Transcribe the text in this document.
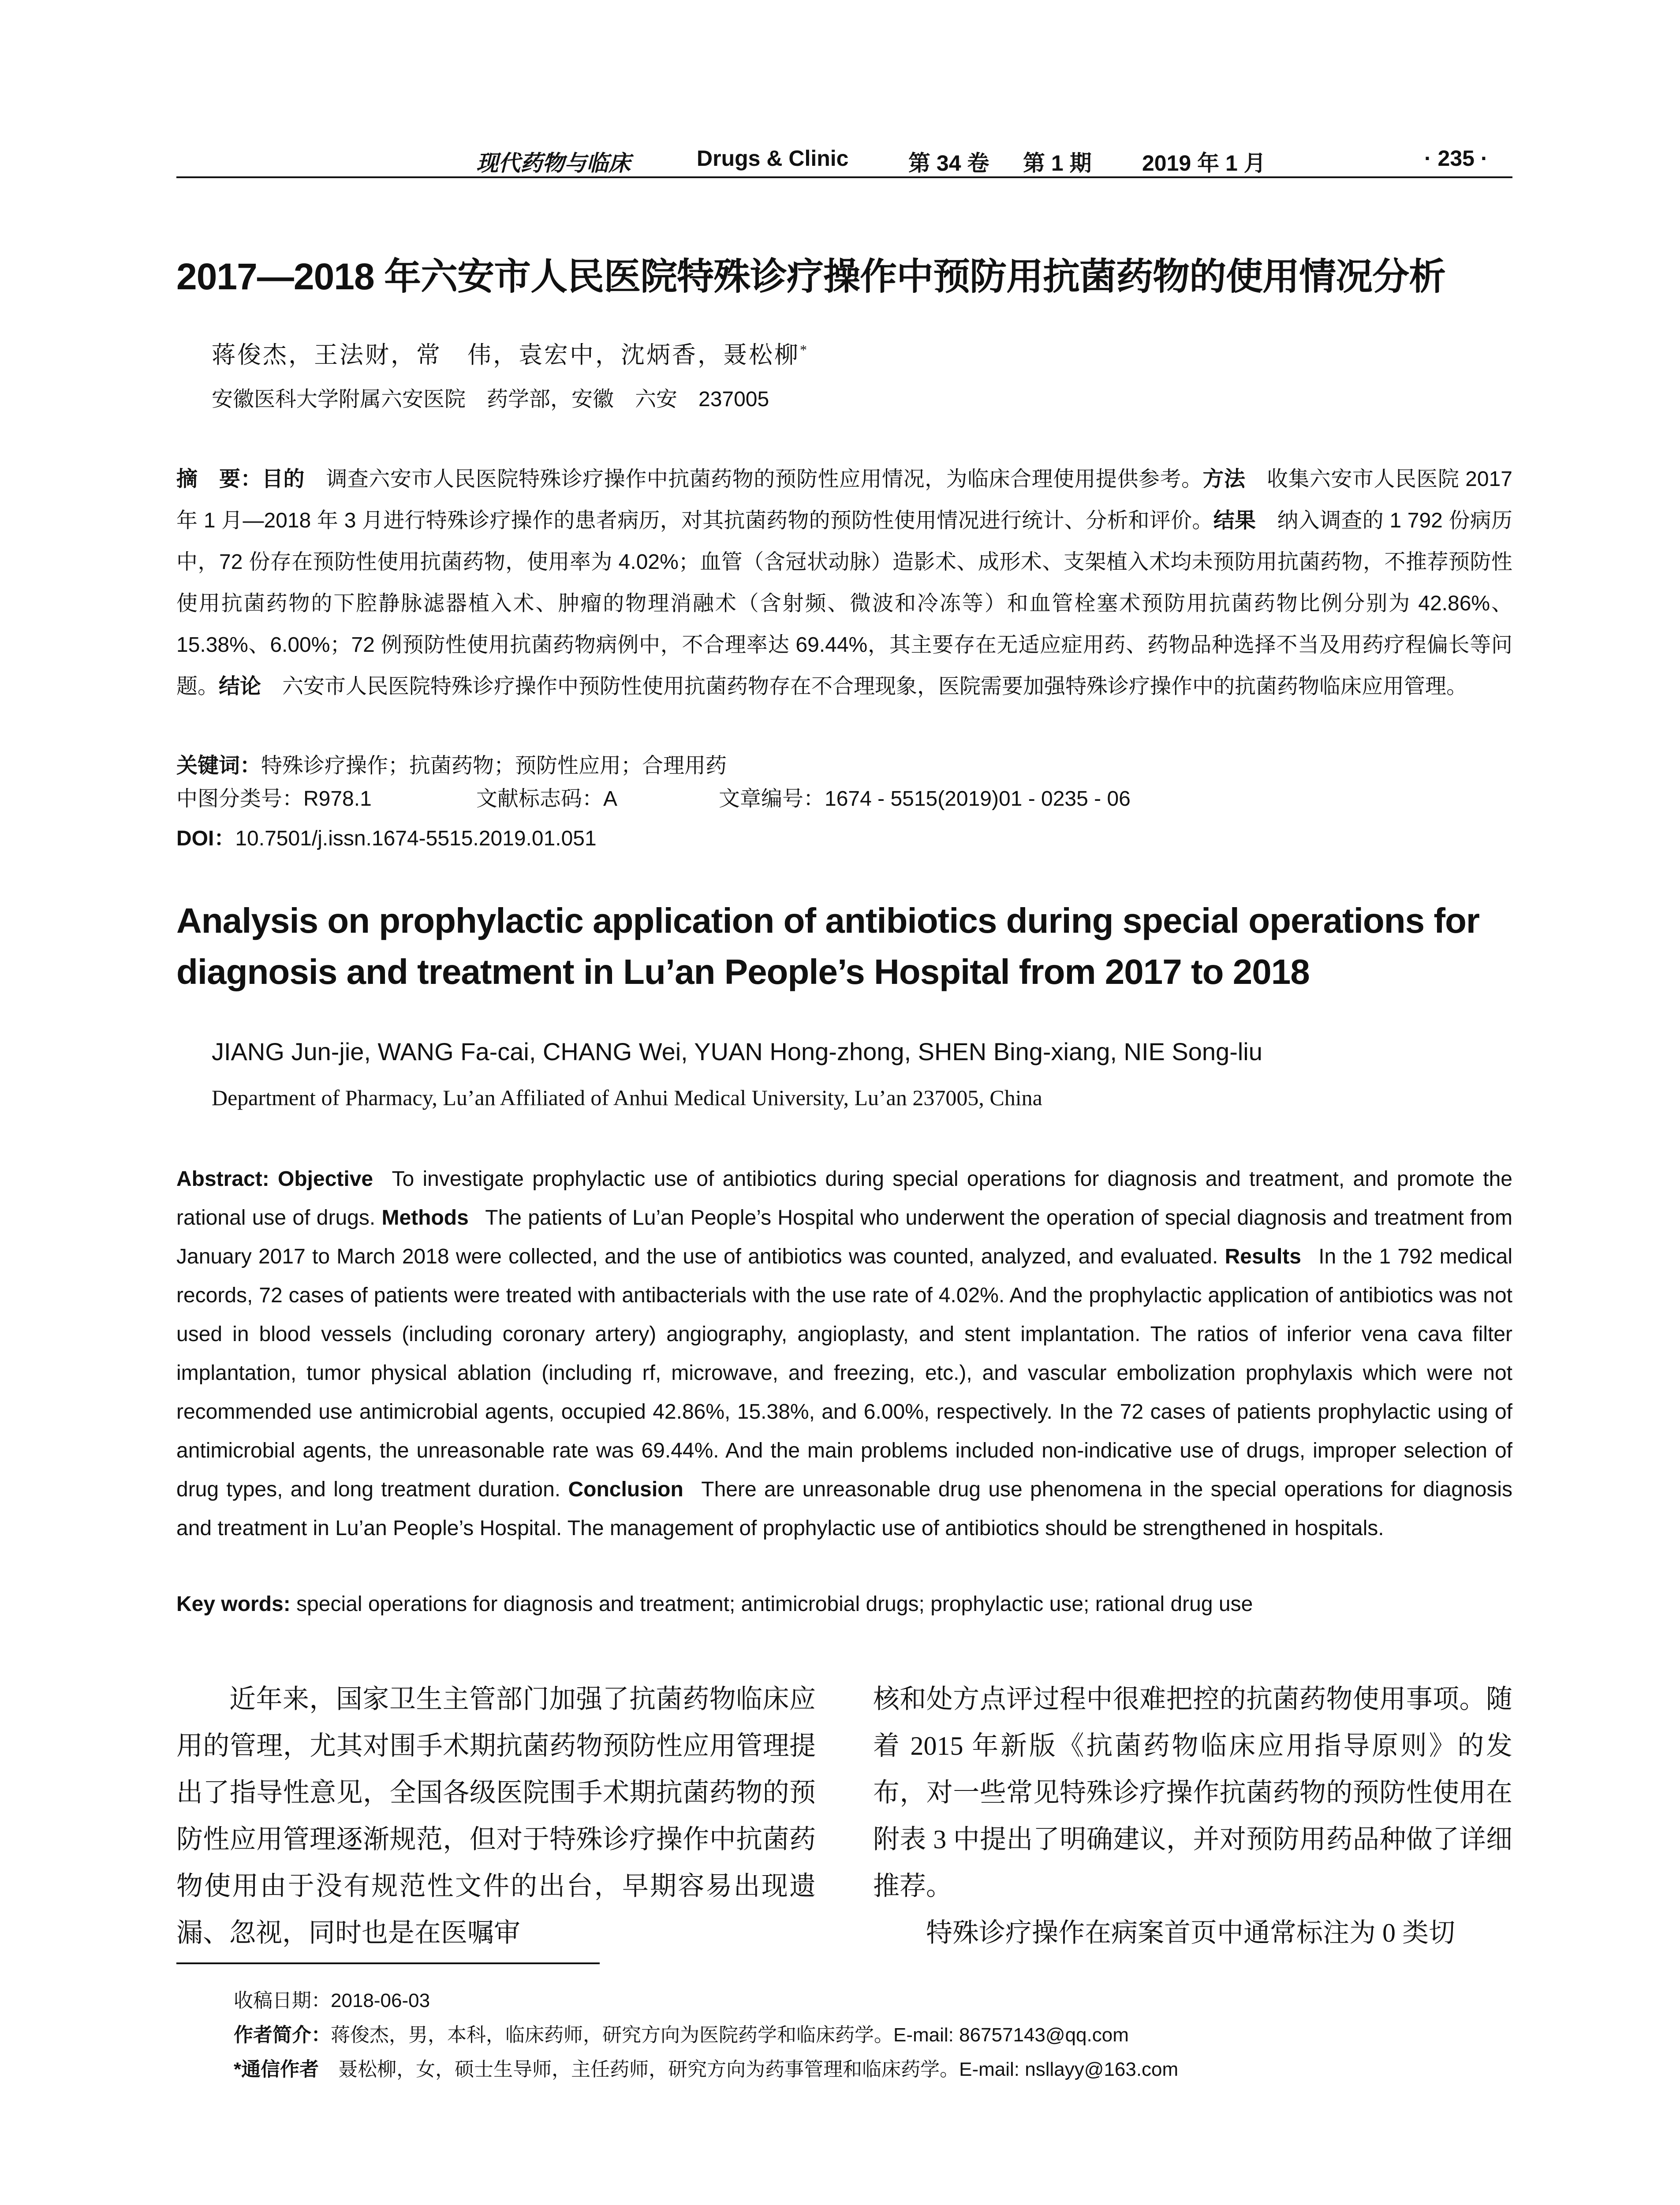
现代药物与临床	Drugs & Clinic	第 34 卷 第 1 期 2019 年 1 月	· 235 ·
2017—2018 年六安市人民医院特殊诊疗操作中预防用抗菌药物的使用情况分析
蒋俊杰，王法财，常　伟，袁宏中，沈炳香，聂松柳*
安徽医科大学附属六安医院　药学部，安徽　六安　237005
摘　要：目的  调查六安市人民医院特殊诊疗操作中抗菌药物的预防性应用情况，为临床合理使用提供参考。方法  收集六安市人民医院 2017 年 1 月—2018 年 3 月进行特殊诊疗操作的患者病历，对其抗菌药物的预防性使用情况进行统计、分析和评价。结果  纳入调查的 1 792 份病历中，72 份存在预防性使用抗菌药物，使用率为 4.02%；血管（含冠状动脉）造影术、成形术、支架植入术均未预防用抗菌药物，不推荐预防性使用抗菌药物的下腔静脉滤器植入术、肿瘤的物理消融术（含射频、微波和冷冻等）和血管栓塞术预防用抗菌药物比例分别为 42.86%、15.38%、6.00%；72 例预防性使用抗菌药物病例中，不合理率达 69.44%，其主要存在无适应症用药、药物品种选择不当及用药疗程偏长等问题。结论  六安市人民医院特殊诊疗操作中预防性使用抗菌药物存在不合理现象，医院需要加强特殊诊疗操作中的抗菌药物临床应用管理。
关键词：特殊诊疗操作；抗菌药物；预防性应用；合理用药
中图分类号：R978.1	文献标志码：A	文章编号：1674 - 5515(2019)01 - 0235 - 06
DOI：10.7501/j.issn.1674-5515.2019.01.051
Analysis on prophylactic application of antibiotics during special operations for diagnosis and treatment in Lu’an People’s Hospital from 2017 to 2018
JIANG Jun-jie, WANG Fa-cai, CHANG Wei, YUAN Hong-zhong, SHEN Bing-xiang, NIE Song-liu
Department of Pharmacy, Lu’an Affiliated of Anhui Medical University, Lu’an 237005, China
Abstract: Objective  To investigate prophylactic use of antibiotics during special operations for diagnosis and treatment, and promote the rational use of drugs. Methods  The patients of Lu’an People’s Hospital who underwent the operation of special diagnosis and treatment from January 2017 to March 2018 were collected, and the use of antibiotics was counted, analyzed, and evaluated. Results  In the 1 792 medical records, 72 cases of patients were treated with antibacterials with the use rate of 4.02%. And the prophylactic application of antibiotics was not used in blood vessels (including coronary artery) angiography, angioplasty, and stent implantation. The ratios of inferior vena cava filter implantation, tumor physical ablation (including rf, microwave, and freezing, etc.), and vascular embolization prophylaxis which were not recommended use antimicrobial agents, occupied 42.86%, 15.38%, and 6.00%, respectively. In the 72 cases of patients prophylactic using of antimicrobial agents, the unreasonable rate was 69.44%. And the main problems included non-indicative use of drugs, improper selection of drug types, and long treatment duration. Conclusion  There are unreasonable drug use phenomena in the special operations for diagnosis and treatment in Lu’an People’s Hospital. The management of prophylactic use of antibiotics should be strengthened in hospitals.
Key words: special operations for diagnosis and treatment; antimicrobial drugs; prophylactic use; rational drug use

近年来，国家卫生主管部门加强了抗菌药物临床应用的管理，尤其对围手术期抗菌药物预防性应用管理提出了指导性意见，全国各级医院围手术期抗菌药物的预防性应用管理逐渐规范，但对于特殊诊疗操作中抗菌药物使用由于没有规范性文件的出台，早期容易出现遗漏、忽视，同时也是在医嘱审

核和处方点评过程中很难把控的抗菌药物使用事项。随着 2015 年新版《抗菌药物临床应用指导原则》的发布，对一些常见特殊诊疗操作抗菌药物的预防性使用在附表 3 中提出了明确建议，并对预防用药品种做了详细推荐。

特殊诊疗操作在病案首页中通常标注为 0 类切

收稿日期：2018-06-03
作者简介：蒋俊杰，男，本科，临床药师，研究方向为医院药学和临床药学。E-mail: 86757143@qq.com
*通信作者  聂松柳，女，硕士生导师，主任药师，研究方向为药事管理和临床药学。E-mail: nsllayy@163.com
